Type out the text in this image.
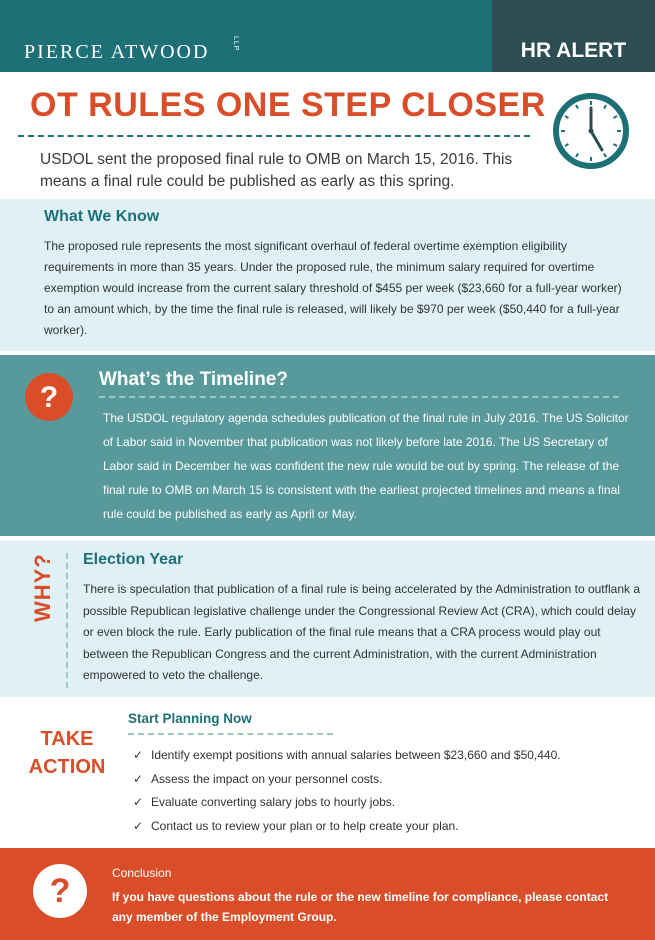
PIERCE ATWOOD	LLP	HR ALERT
OT RULES ONE STEP CLOSER
USDOL sent the proposed final rule to OMB on March 15, 2016. This means a final rule could be published as early as this spring.
What We Know
The proposed rule represents the most significant overhaul of federal overtime exemption eligibility requirements in more than 35 years. Under the proposed rule, the minimum salary required for overtime exemption would increase from the current salary threshold of $455 per week ($23,660 for a full-year worker) to an amount which, by the time the final rule is released, will likely be $970 per week ($50,440 for a full-year worker).
?
What’s the Timeline?
The USDOL regulatory agenda schedules publication of the final rule in July 2016. The US Solicitor of Labor said in November that publication was not likely before late 2016. The US Secretary of Labor said in December he was confident the new rule would be out by spring. The release of the final rule to OMB on March 15 is consistent with the earliest projected timelines and means a final rule could be published as early as April or May.
WHY? Election Year
There is speculation that publication of a final rule is being accelerated by the Administration to outflank a possible Republican legislative challenge under the Congressional Review Act (CRA), which could delay or even block the rule. Early publication of the final rule means that a CRA process would play out between the Republican Congress and the current Administration, with the current Administration empowered to veto the challenge.
TAKE
ACTION
Start Planning Now
✓ Identify exempt positions with annual salaries between $23,660 and $50,440.
✓ Assess the impact on your personnel costs.
✓ Evaluate converting salary jobs to hourly jobs.
✓ Contact us to review your plan or to help create your plan.
?	Conclusion
If you have questions about the rule or the new timeline for compliance, please contact any member of the Employment Group.
